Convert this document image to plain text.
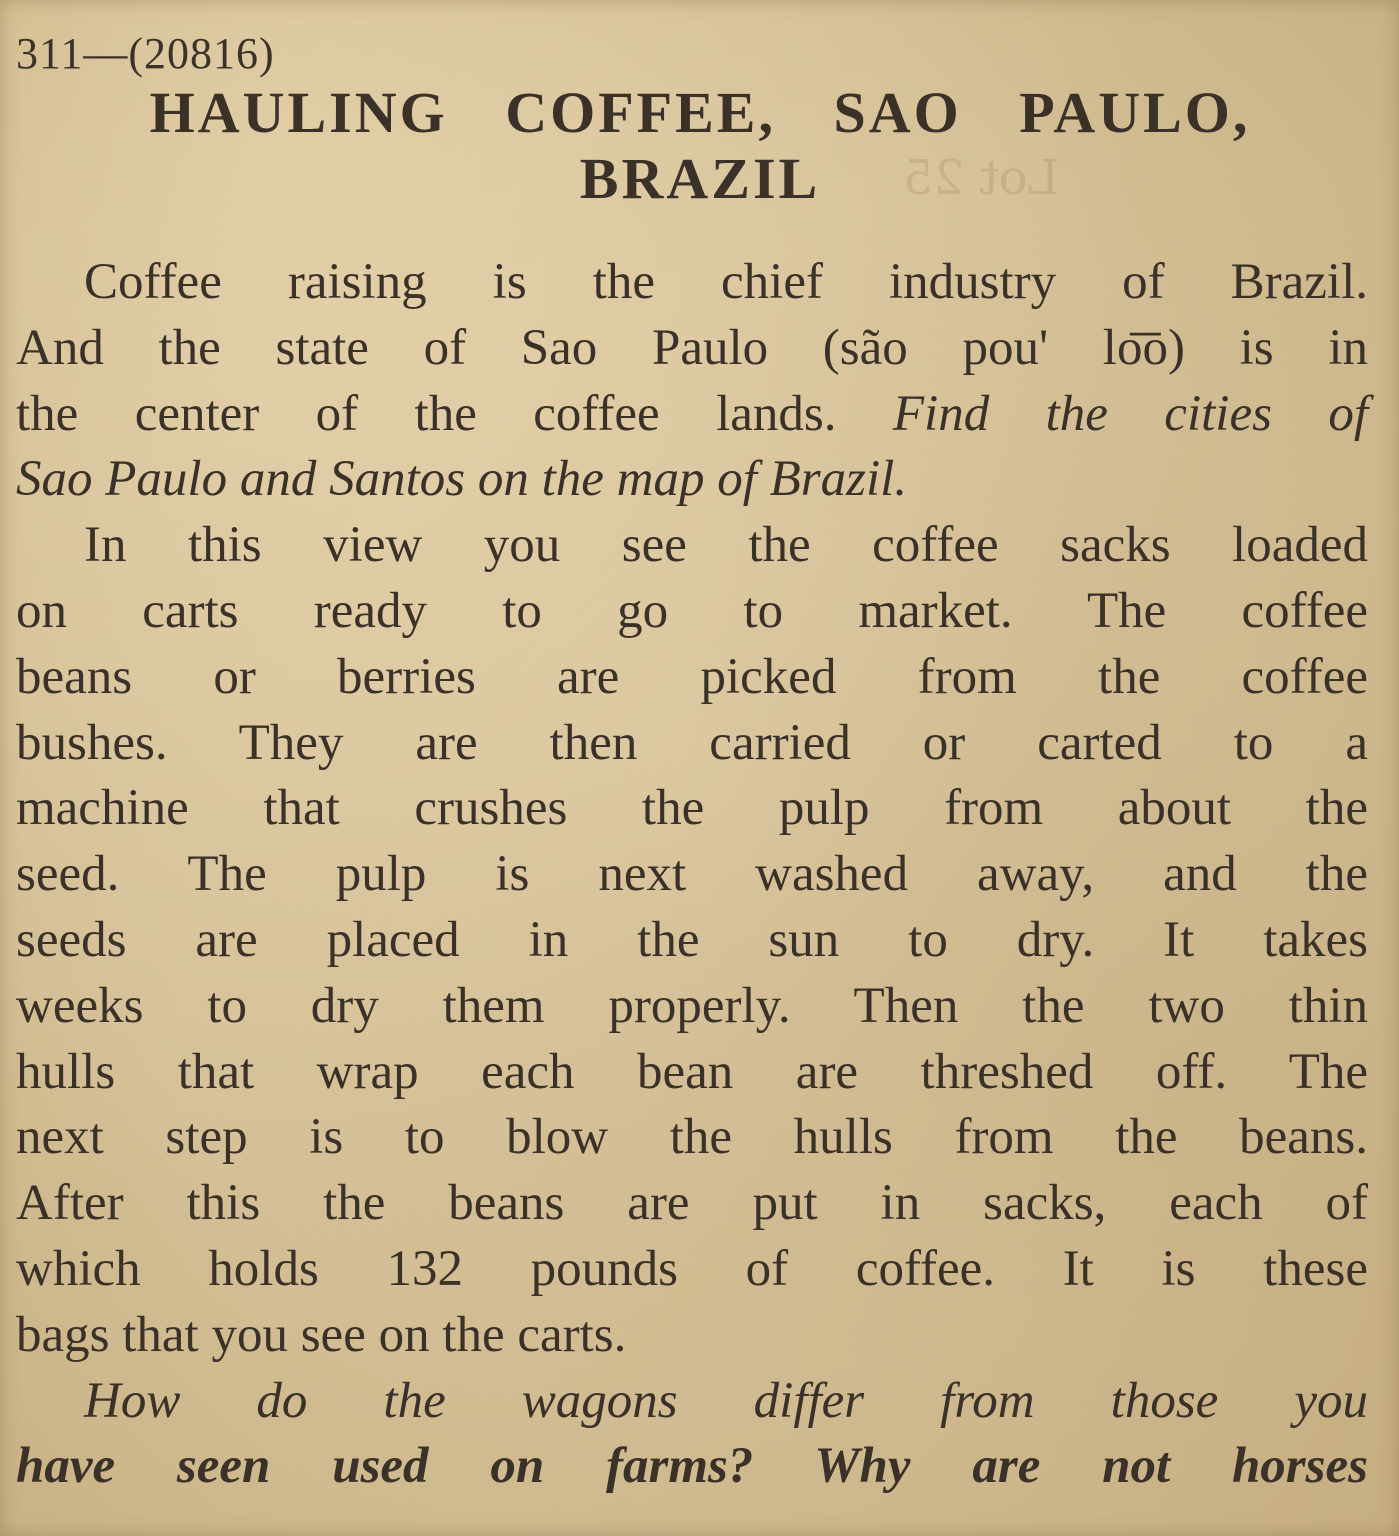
Lot 25
311—(20816)
HAULING COFFEE, SAO PAULO,
BRAZIL
Coffee raising is the chief industry of Brazil.
And the state of Sao Paulo (são pou' lo͞o) is in
the center of the coffee lands. Find the cities of
Sao Paulo and Santos on the map of Brazil.
In this view you see the coffee sacks loaded
on carts ready to go to market. The coffee
beans or berries are picked from the coffee
bushes. They are then carried or carted to a
machine that crushes the pulp from about the
seed. The pulp is next washed away, and the
seeds are placed in the sun to dry. It takes
weeks to dry them properly. Then the two thin
hulls that wrap each bean are threshed off. The
next step is to blow the hulls from the beans.
After this the beans are put in sacks, each of
which holds 132 pounds of coffee. It is these
bags that you see on the carts.
How do the wagons differ from those you
have seen used on farms? Why are not horses
